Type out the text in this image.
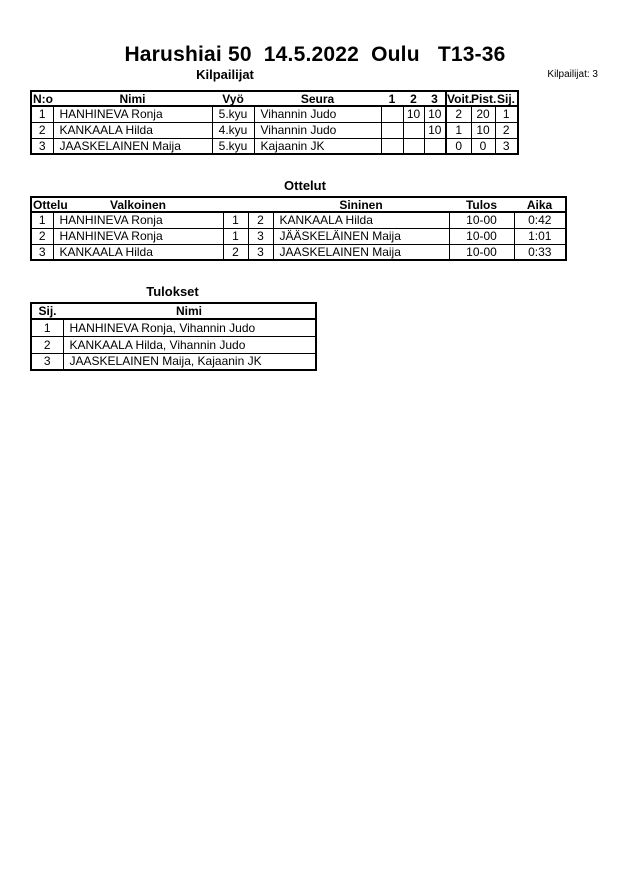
Harushiai 50  14.5.2022  Oulu   T13-36
Kilpailijat	Kilpailijat: 3
N:o	Nimi	Vyö	Seura	1	2	3	Voit.	Pist.	Sij.
1	HANHINEVA Ronja	5.kyu	Vihannin Judo		10	10	2	20	1
2	KANKAALA Hilda	4.kyu	Vihannin Judo			10	1	10	2
3	JAASKELAINEN Maija	5.kyu	Kajaanin JK				0	0	3
Ottelut
Ottelu	Valkoinen			Sininen	Tulos	Aika
1	HANHINEVA Ronja	1	2	KANKAALA Hilda	10-00	0:42
2	HANHINEVA Ronja	1	3	JÄÄSKELÄINEN Maija	10-00	1:01
3	KANKAALA Hilda	2	3	JAASKELAINEN Maija	10-00	0:33
Tulokset
Sij.	Nimi
1	HANHINEVA Ronja, Vihannin Judo
2	KANKAALA Hilda, Vihannin Judo
3	JAASKELAINEN Maija, Kajaanin JK
